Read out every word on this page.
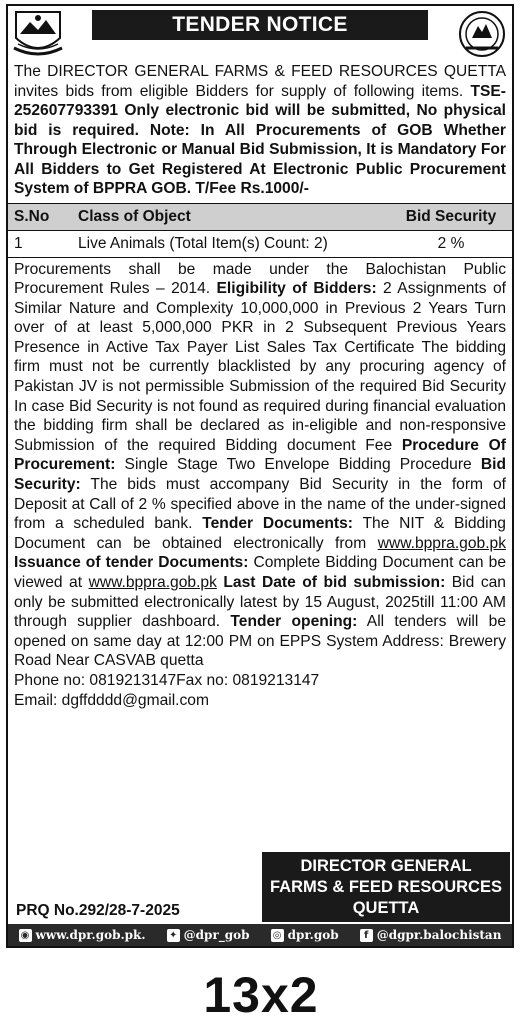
TENDER NOTICE
The DIRECTOR GENERAL FARMS & FEED RESOURCES QUETTA invites bids from eligible Bidders for supply of following items. TSE-252607793391 Only electronic bid will be submitted, No physical bid is required. Note: In All Procurements of GOB Whether Through Electronic or Manual Bid Submission, It is Mandatory For All Bidders to Get Registered At Electronic Public Procurement System of BPPRA GOB. T/Fee Rs.1000/-
S.No	Class of Object	Bid Security
1	Live Animals (Total Item(s) Count: 2)	2 %
Procurements shall be made under the Balochistan Public Procurement Rules – 2014. Eligibility of Bidders: 2 Assignments of Similar Nature and Complexity 10,000,000 in Previous 2 Years Turn over of at least 5,000,000 PKR in 2 Subsequent Previous Years Presence in Active Tax Payer List Sales Tax Certificate The bidding firm must not be currently blacklisted by any procuring agency of Pakistan JV is not permissible Submission of the required Bid Security In case Bid Security is not found as required during financial evaluation the bidding firm shall be declared as in-eligible and non-responsive Submission of the required Bidding document Fee Procedure Of Procurement: Single Stage Two Envelope Bidding Procedure Bid Security: The bids must accompany Bid Security in the form of Deposit at Call of 2 % specified above in the name of the under-signed from a scheduled bank. Tender Documents: The NIT & Bidding Document can be obtained electronically from www.bppra.gob.pk Issuance of tender Documents: Complete Bidding Document can be viewed at www.bppra.gob.pk Last Date of bid submission: Bid can only be submitted electronically latest by 15 August, 2025till 11:00 AM through supplier dashboard. Tender opening: All tenders will be opened on same day at 12:00 PM on EPPS System Address: Brewery Road Near CASVAB quetta
Phone no: 0819213147Fax no: 0819213147
Email: dgffdddd@gmail.com
PRQ No.292/28-7-2025
DIRECTOR GENERAL
FARMS & FEED RESOURCES
QUETTA
◉ www.dpr.gob.pk. ✦ @dpr_gob ◎ dpr.gob	f @dgpr.balochistan
13x2
